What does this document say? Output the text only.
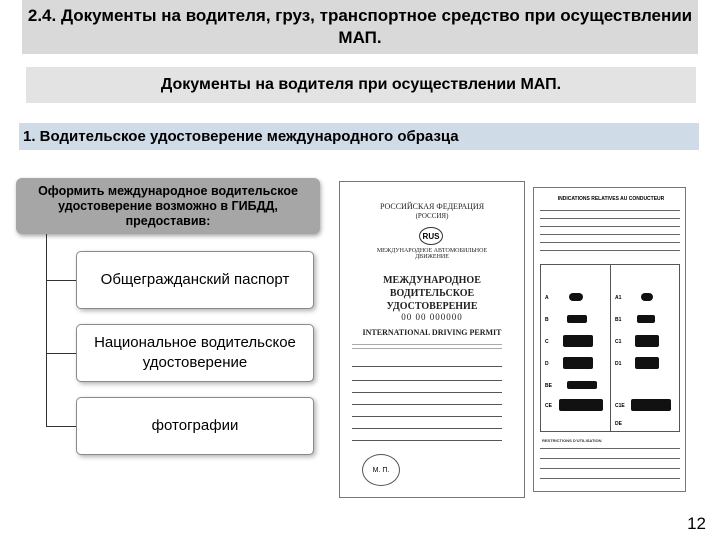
2.4. Документы на водителя, груз, транспортное средство при осуществлении МАП.
Документы на водителя при осуществлении МАП.
1. Водительское удостоверение международного образца
Оформить международное водительское удостоверение возможно в ГИБДД, предоставив:
Общегражданский паспорт
Национальное водительское удостоверение
фотографии
РОССИЙСКАЯ ФЕДЕРАЦИЯ
(РОССИЯ)
RUS
МЕЖДУНАРОДНОЕ АВТОМОБИЛЬНОЕ ДВИЖЕНИЕ
МЕЖДУНАРОДНОЕ ВОДИТЕЛЬСКОЕ УДОСТОВЕРЕНИЕ
00 00 000000
INTERNATIONAL DRIVING PERMIT
М. П.
INDICATIONS RELATIVES AU CONDUCTEUR
A
B
C
D
BE
CE
DE
A1
B1
C1
D1
C1E
RESTRICTIONS D'UTILISATION
12
